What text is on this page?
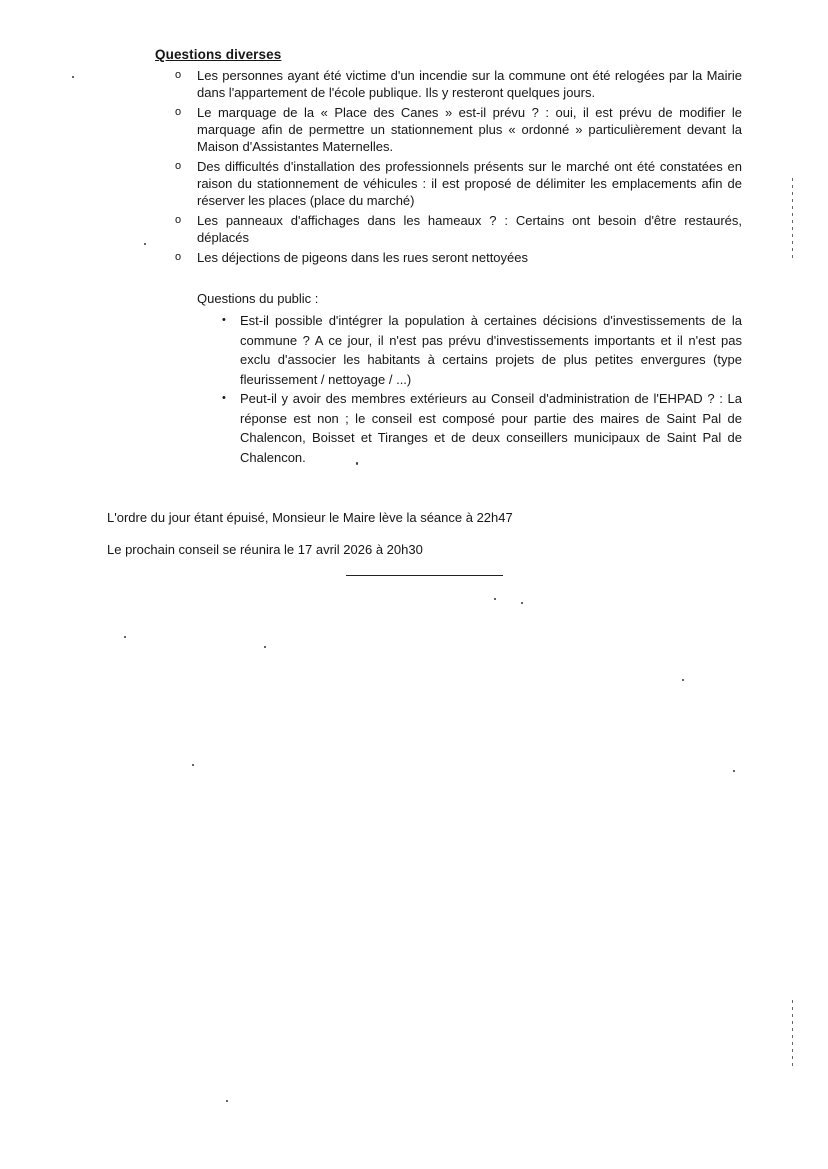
Questions diverses
o Les personnes ayant été victime d'un incendie sur la commune ont été relogées par la Mairie dans l'appartement de l'école publique. Ils y resteront quelques jours.
o Le marquage de la « Place des Canes » est-il prévu ? : oui, il est prévu de modifier le marquage afin de permettre un stationnement plus « ordonné » particulièrement devant la Maison d'Assistantes Maternelles.
o Des difficultés d'installation des professionnels présents sur le marché ont été constatées en raison du stationnement de véhicules : il est proposé de délimiter les emplacements afin de réserver les places (place du marché)
o Les panneaux d'affichages dans les hameaux ? : Certains ont besoin d'être restaurés, déplacés
o Les déjections de pigeons dans les rues seront nettoyées

Questions du public :

• Est-il possible d'intégrer la population à certaines décisions d'investissements de la commune ? A ce jour, il n'est pas prévu d'investissements importants et il n'est pas exclu d'associer les habitants à certains projets de plus petites envergures (type fleurissement / nettoyage / ...)
• Peut-il y avoir des membres extérieurs au Conseil d'administration de l'EHPAD ? : La réponse est non ; le conseil est composé pour partie des maires de Saint Pal de Chalencon, Boisset et Tiranges et de deux conseillers municipaux de Saint Pal de Chalencon.

L'ordre du jour étant épuisé, Monsieur le Maire lève la séance à 22h47

Le prochain conseil se réunira le 17 avril 2026 à 20h30
